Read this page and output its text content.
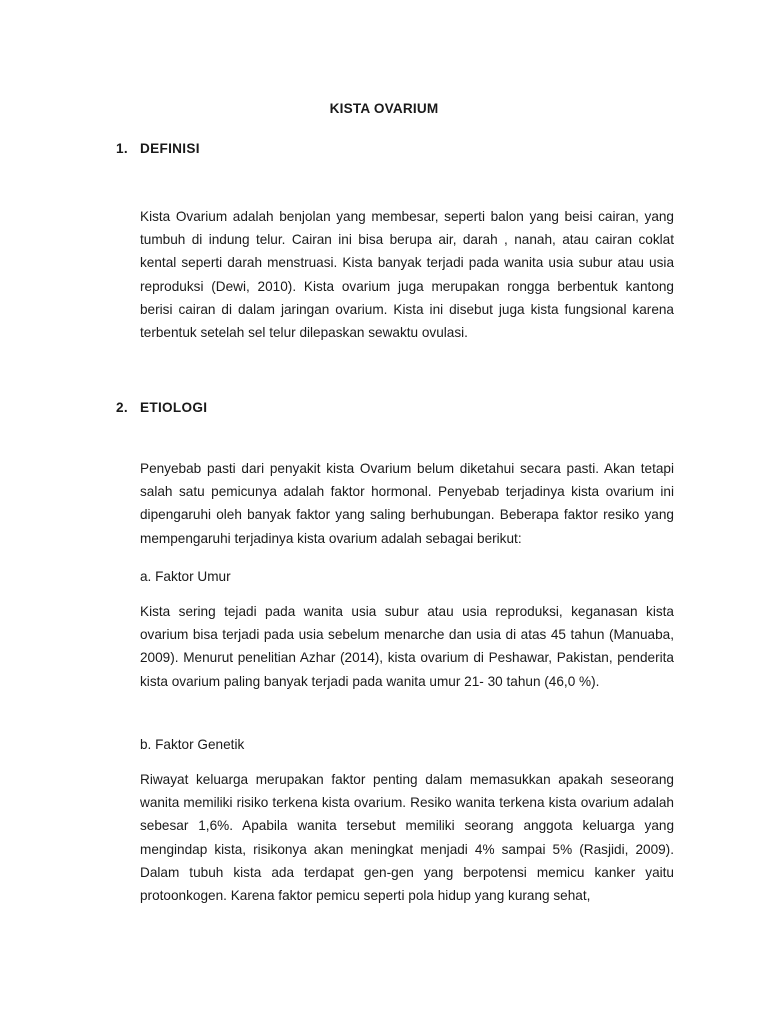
KISTA OVARIUM
1. DEFINISI
Kista Ovarium adalah benjolan yang membesar, seperti balon yang beisi cairan, yang tumbuh di indung telur. Cairan ini bisa berupa air, darah , nanah, atau cairan coklat kental seperti darah menstruasi. Kista banyak terjadi pada wanita usia subur atau usia reproduksi (Dewi, 2010). Kista ovarium juga merupakan rongga berbentuk kantong berisi cairan di dalam jaringan ovarium. Kista ini disebut juga kista fungsional karena terbentuk setelah sel telur dilepaskan sewaktu ovulasi.
2. ETIOLOGI
Penyebab pasti dari penyakit kista Ovarium belum diketahui secara pasti. Akan tetapi salah satu pemicunya adalah faktor hormonal. Penyebab terjadinya kista ovarium ini dipengaruhi oleh banyak faktor yang saling berhubungan. Beberapa faktor resiko yang mempengaruhi terjadinya kista ovarium adalah sebagai berikut:
a. Faktor Umur
Kista sering tejadi pada wanita usia subur atau usia reproduksi, keganasan kista ovarium bisa terjadi pada usia sebelum menarche dan usia di atas 45 tahun (Manuaba, 2009). Menurut penelitian Azhar (2014), kista ovarium di Peshawar, Pakistan, penderita kista ovarium paling banyak terjadi pada wanita umur 21- 30 tahun (46,0 %).
b. Faktor Genetik
Riwayat keluarga merupakan faktor penting dalam memasukkan apakah seseorang wanita memiliki risiko terkena kista ovarium. Resiko wanita terkena kista ovarium adalah sebesar 1,6%. Apabila wanita tersebut memiliki seorang anggota keluarga yang mengindap kista, risikonya akan meningkat menjadi 4% sampai 5% (Rasjidi, 2009). Dalam tubuh kista ada terdapat gen-gen yang berpotensi memicu kanker yaitu protoonkogen. Karena faktor pemicu seperti pola hidup yang kurang sehat,
